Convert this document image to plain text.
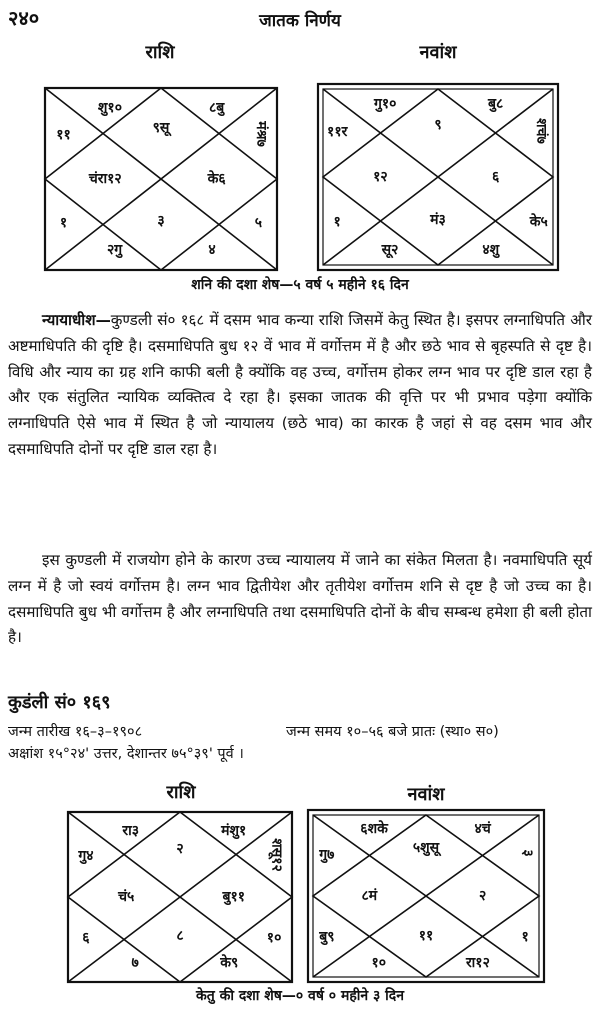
२४०	जातक निर्णय
राशि	नवांश
शु१०	८बु
११	९सू	मंश्र७
चंरा१२	के६
१	३	५
२गु	४
गु१०	बु८
११र	९	शचं७
१२	६
१	मं३	के५
सू२	४शु
शनि की दशा शेष—५ वर्ष ५ महीने १६ दिन

न्यायाधीश—कुण्डली सं० १६८ में दसम भाव कन्या राशि जिसमें केतु स्थित है। इसपर लग्नाधिपति और अष्टमाधिपति की दृष्टि है। दसमाधिपति बुध १२ वें भाव में वर्गोत्तम में है और छठे भाव से बृहस्पति से दृष्ट है। विधि और न्याय का ग्रह शनि काफी बली है क्योंकि वह उच्च, वर्गोत्तम होकर लग्न भाव पर दृष्टि डाल रहा है और एक संतुलित न्यायिक व्यक्तित्व दे रहा है। इसका जातक की वृत्ति पर भी प्रभाव पड़ेगा क्योंकि लग्नाधिपति ऐसे भाव में स्थित है जो न्यायालय (छठे भाव) का कारक है जहां से वह दसम भाव और दसमाधिपति दोनों पर दृष्टि डाल रहा है।

इस कुण्डली में राजयोग होने के कारण उच्च न्यायालय में जाने का संकेत मिलता है। नवमाधिपति सूर्य लग्न में है जो स्वयं वर्गोत्तम है। लग्न भाव द्वितीयेश और तृतीयेश वर्गोत्तम शनि से दृष्ट है जो उच्च का है। दसमाधिपति बुध भी वर्गोत्तम है और लग्नाधिपति तथा दसमाधिपति दोनों के बीच सम्बन्ध हमेशा ही बली होता है।

कुडंली सं० १६९
जन्म तारीख १६–३–१९०८	जन्म समय १०–५६ बजे प्रातः (स्था० स०)
अक्षांश १५°२४' उत्तर, देशान्तर ७५°३९' पूर्व ।
राशि	नवांश
रा३	मंशु१
गु४	२	शसू१२
चं५	बु११
६	८	१०
७	के९
६शके	४चं
गु७	५शुसू	३
८मं	२
बु९	११	१
१०	रा१२
केतु की दशा शेष—० वर्ष ० महीने ३ दिन
